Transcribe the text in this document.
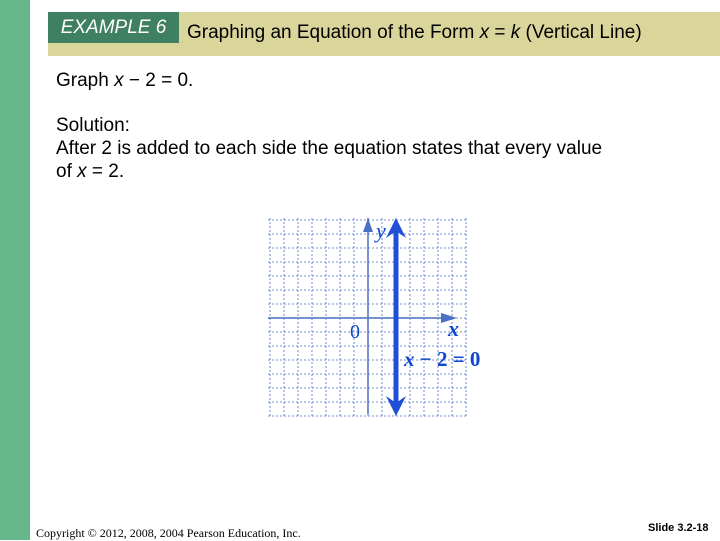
EXAMPLE 6	Graphing an Equation of the Form x = k (Vertical Line)
Graph x − 2 = 0.
Solution:
After 2 is added to each side the equation states that every value
of x = 2.
y
x
0
x − 2 = 0
Copyright © 2012, 2008, 2004 Pearson Education, Inc.	Slide 3.2-18
